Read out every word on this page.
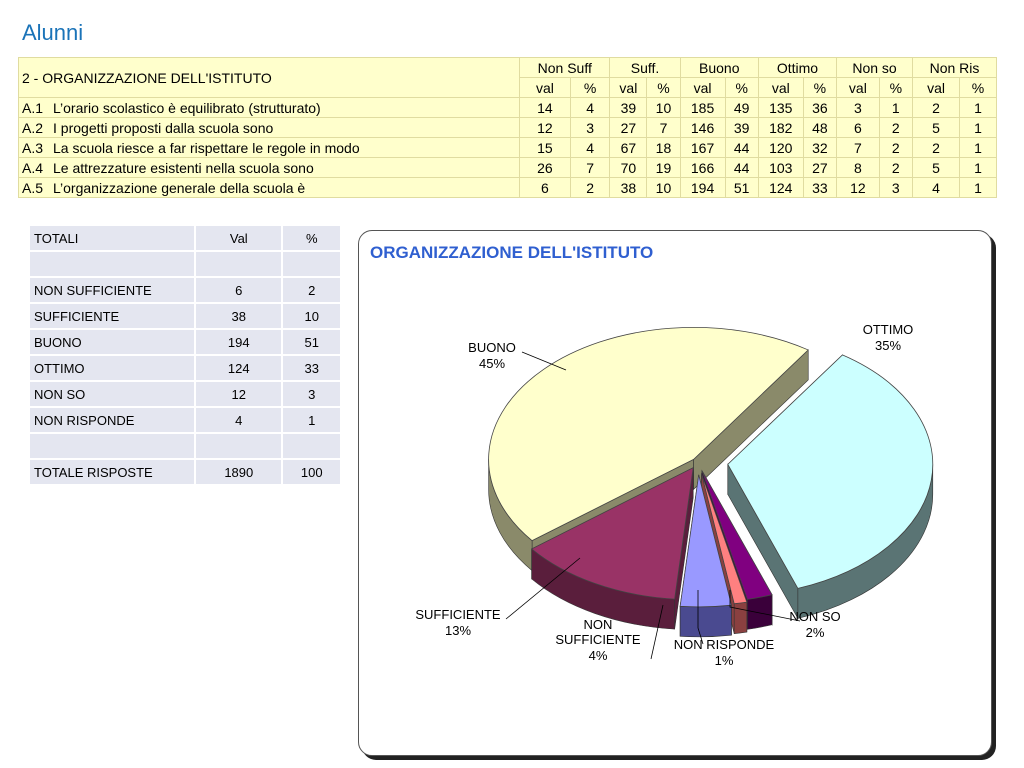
Alunni
2 - ORGANIZZAZIONE DELL'ISTITUTO	Non Suff		Suff.		Buono		Ottimo		Non so		Non Ris	
	val	%	val	%	val	%	val	%	val	%	val	%
A.1 L’orario scolastico è equilibrato (strutturato)	14	4	39	10	185	49	135	36	3	1	2	1
A.2 I progetti proposti dalla scuola sono	12	3	27	7	146	39	182	48	6	2	5	1
A.3 La scuola riesce a far rispettare le regole in modo	15	4	67	18	167	44	120	32	7	2	2	1
A.4 Le attrezzature esistenti nella scuola sono	26	7	70	19	166	44	103	27	8	2	5	1
A.5 L’organizzazione generale della scuola è	6	2	38	10	194	51	124	33	12	3	4	1
TOTALI	Val	%

NON SUFFICIENTE	6	2
SUFFICIENTE	38	10
BUONO	194	51
OTTIMO	124	33
NON SO	12	3
NON RISPONDE	4	1

TOTALE RISPOSTE	1890	100
ORGANIZZAZIONE DELL'ISTITUTO
OTTIMO
35%
NON SO
2%
NON RISPONDE
1%
NON SUFFICIENTE
4%
SUFFICIENTE
13%
BUONO
45%
